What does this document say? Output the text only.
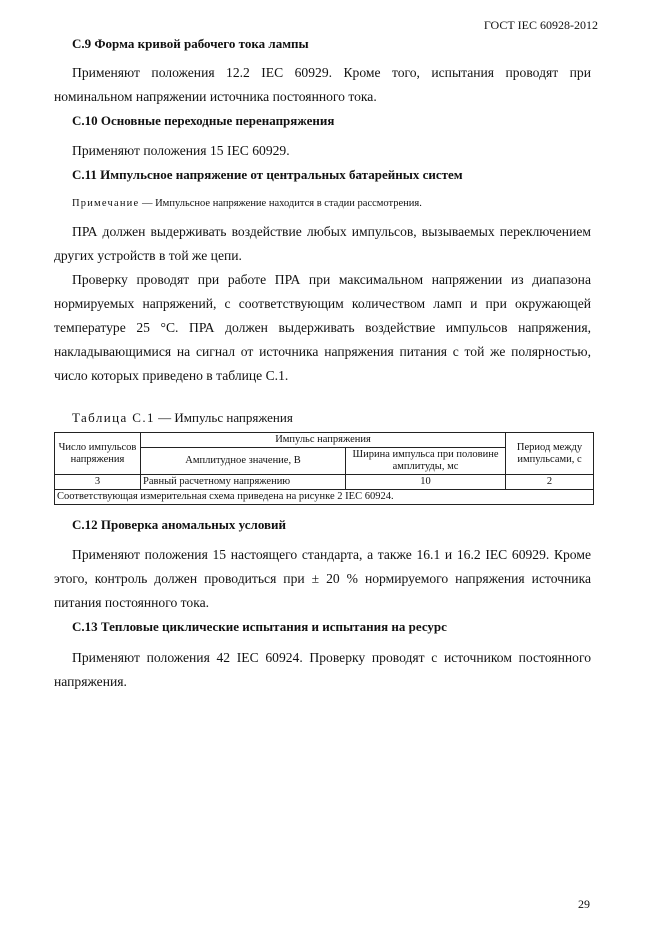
ГОСТ IEC 60928-2012
С.9 Форма кривой рабочего тока лампы
Применяют положения 12.2 IEC 60929. Кроме того, испытания проводят при
номинальном напряжении источника постоянного тока.
С.10 Основные переходные перенапряжения
Применяют положения 15 IEC 60929.
С.11 Импульсное напряжение от центральных батарейных систем
Примечание — Импульсное напряжение находится в стадии рассмотрения.
ПРА должен выдерживать воздействие любых импульсов, вызываемых переключением
других устройств в той же цепи.
Проверку проводят при работе ПРА при максимальном напряжении из диапазона
нормируемых напряжений, с соответствующим количеством ламп и при окружающей
температуре 25 °С. ПРА должен выдерживать воздействие импульсов напряжения,
накладывающимися на сигнал от источника напряжения питания с той же полярностью,
число которых приведено в таблице С.1.
Таблица С.1 — Импульс напряжения
Число импульсов напряжения	Импульс напряжения		Период между импульсами, с
	Амплитудное значение, В	Ширина импульса при половине амплитуды, мс	
3	Равный расчетному напряжению	10	2
Соответствующая измерительная схема приведена на рисунке 2 IEC 60924.			
С.12 Проверка аномальных условий
Применяют положения 15 настоящего стандарта, а также 16.1 и 16.2 IEC 60929. Кроме
этого, контроль должен проводиться при ± 20 % нормируемого напряжения источника
питания постоянного тока.
С.13 Тепловые циклические испытания и испытания на ресурс
Применяют положения 42 IEC 60924. Проверку проводят с источником постоянного
напряжения.
29
